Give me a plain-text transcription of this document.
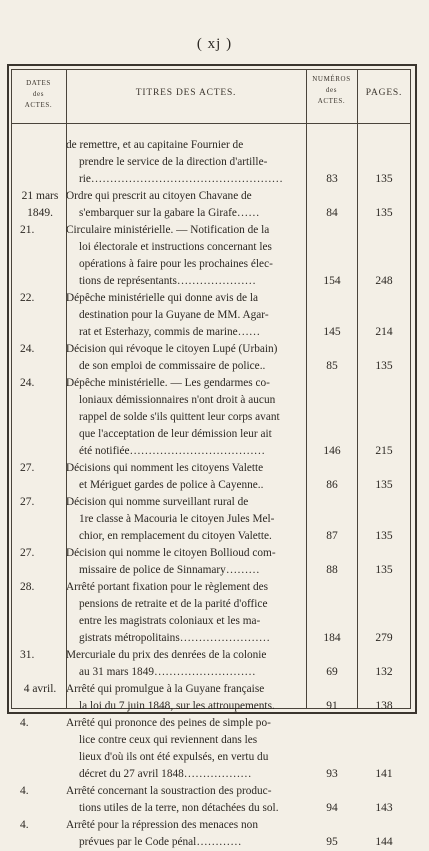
( xj )
DATES
des
ACTES.
TITRES DES ACTES.
NUMÉROS
des
ACTES.
PAGES.
de remettre, et au capitaine Fournier de
prendre le service de la direction d'artille-
rie……………………………………………	83	135
21 mars Ordre qui prescrit au citoyen Chavane de
1849.	s'embarquer sur la gabare la Girafe……	84	135
21.	Circulaire ministérielle. — Notification de la
loi électorale et instructions concernant les
opérations à faire pour les prochaines élec-
tions de représentants…………………	154	248
22.	Dépêche ministérielle qui donne avis de la
destination pour la Guyane de MM. Agar-
rat et Esterhazy, commis de marine……	145	214
24.	Décision qui révoque le citoyen Lupé (Urbain)
de son emploi de commissaire de police..	85	135
24.	Dépêche ministérielle. — Les gendarmes co-
loniaux démissionnaires n'ont droit à aucun
rappel de solde s'ils quittent leur corps avant
que l'acceptation de leur démission leur ait
été notifiée………………………………	146	215
27.	Décisions qui nomment les citoyens Valette
et Mériguet gardes de police à Cayenne..	86	135
27.	Décision qui nomme surveillant rural de
1re classe à Macouria le citoyen Jules Mel-
chior, en remplacement du citoyen Valette.	87	135
27.	Décision qui nomme le citoyen Bollioud com-
missaire de police de Sinnamary………	88	135
28.	Arrêté portant fixation pour le règlement des
pensions de retraite et de la parité d'office
entre les magistrats coloniaux et les ma-
gistrats métropolitains……………………	184	279
31.	Mercuriale du prix des denrées de la colonie
au 31 mars 1849………………………	69	132
4 avril. Arrêté qui promulgue à la Guyane française
la loi du 7 juin 1848, sur les attroupements.	91	138
4.	Arrêté qui prononce des peines de simple po-
lice contre ceux qui reviennent dans les
lieux d'où ils ont été expulsés, en vertu du
décret du 27 avril 1848………………	93	141
4.	Arrêté concernant la soustraction des produc-
tions utiles de la terre, non détachées du sol.	94	143
4.	Arrêté pour la répression des menaces non
prévues par le Code pénal…………	95	144
